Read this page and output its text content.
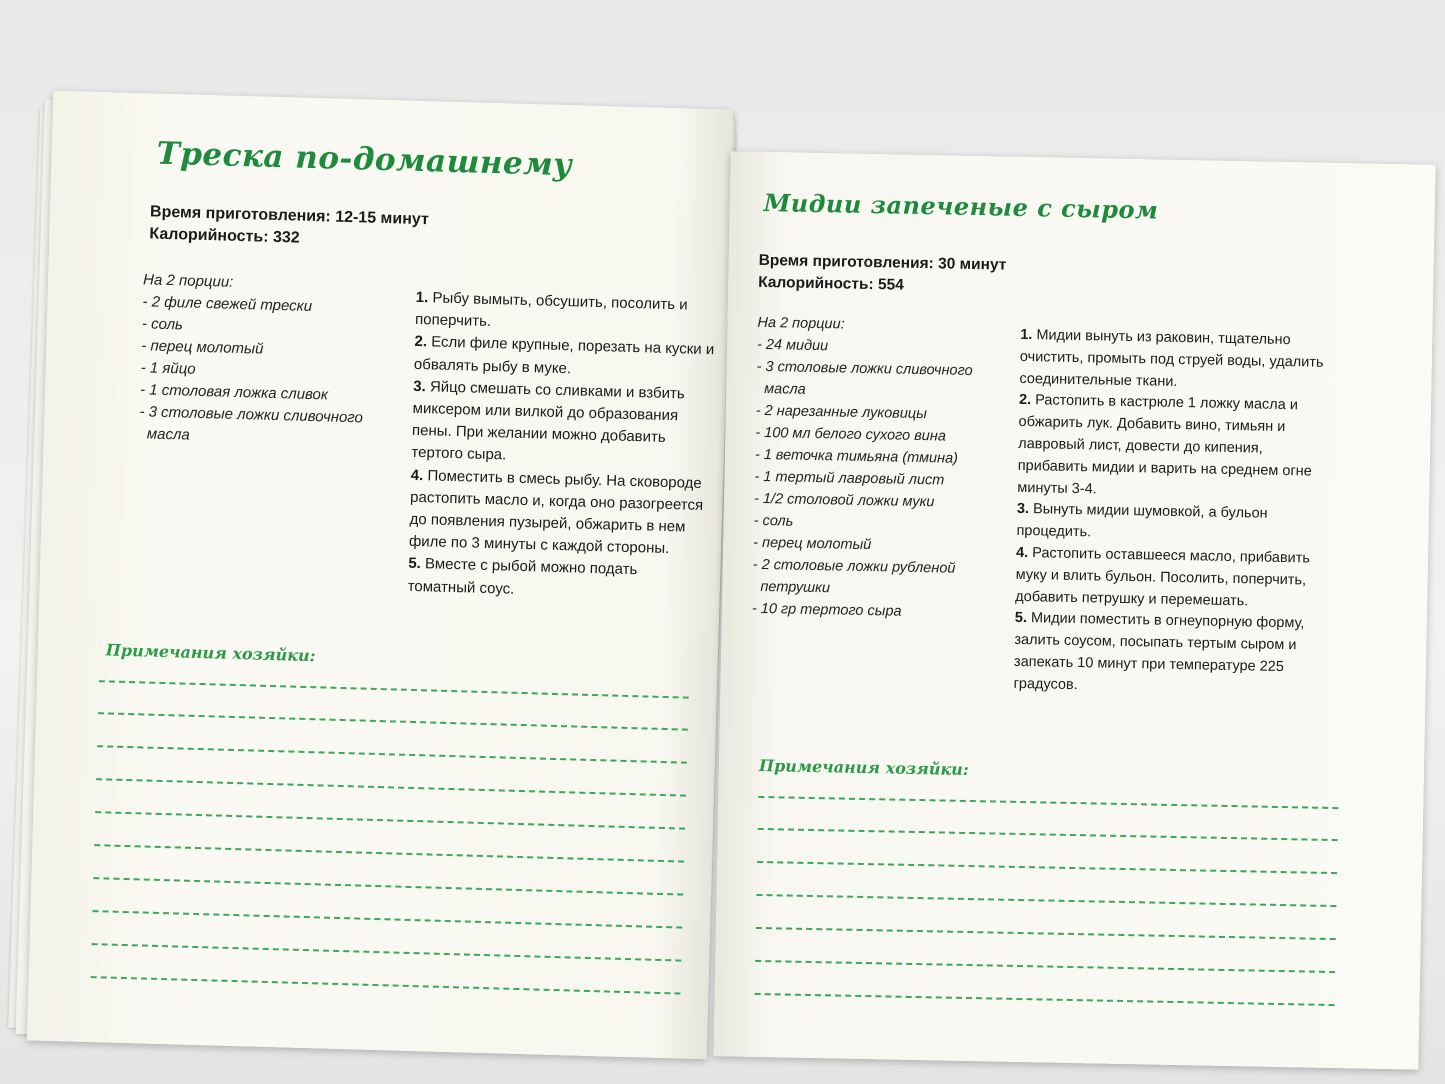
Треска по-домашнему
Время приготовления: 12-15 минут
Калорийность: 332
На 2 порции:
- 2 филе свежей трески
- соль
- перец молотый
- 1 яйцо
- 1 столовая ложка сливок
- 3 столовые ложки сливочного
масла
1. Рыбу вымыть, обсушить, посолить и поперчить.
2. Если филе крупные, порезать на куски и обвалять рыбу в муке.
3. Яйцо смешать со сливками и взбить миксером или вилкой до образования пены. При желании можно добавить тертого сыра.
4. Поместить в смесь рыбу. На сковороде растопить масло и, когда оно разогреется до появления пузырей, обжарить в нем филе по 3 минуты с каждой стороны.
5. Вместе с рыбой можно подать томатный соус.
Примечания хозяйки:
Мидии запеченые с сыром
Время приготовления: 30 минут
Калорийность: 554
На 2 порции:
- 24 мидии
- 3 столовые ложки сливочного
масла
- 2 нарезанные луковицы
- 100 мл белого сухого вина
- 1 веточка тимьяна (тмина)
- 1 тертый лавровый лист
- 1/2 столовой ложки муки
- соль
- перец молотый
- 2 столовые ложки рубленой
петрушки
- 10 гр тертого сыра
1. Мидии вынуть из раковин, тщательно очистить, промыть под струей воды, удалить соединительные ткани.
2. Растопить в кастрюле 1 ложку масла и обжарить лук. Добавить вино, тимьян и лавровый лист, довести до кипения, прибавить мидии и варить на среднем огне минуты 3-4.
3. Вынуть мидии шумовкой, а бульон процедить.
4. Растопить оставшееся масло, прибавить муку и влить бульон. Посолить, поперчить, добавить петрушку и перемешать.
5. Мидии поместить в огнеупорную форму, залить соусом, посыпать тертым сыром и запекать 10 минут при температуре 225 градусов.
Примечания хозяйки:
